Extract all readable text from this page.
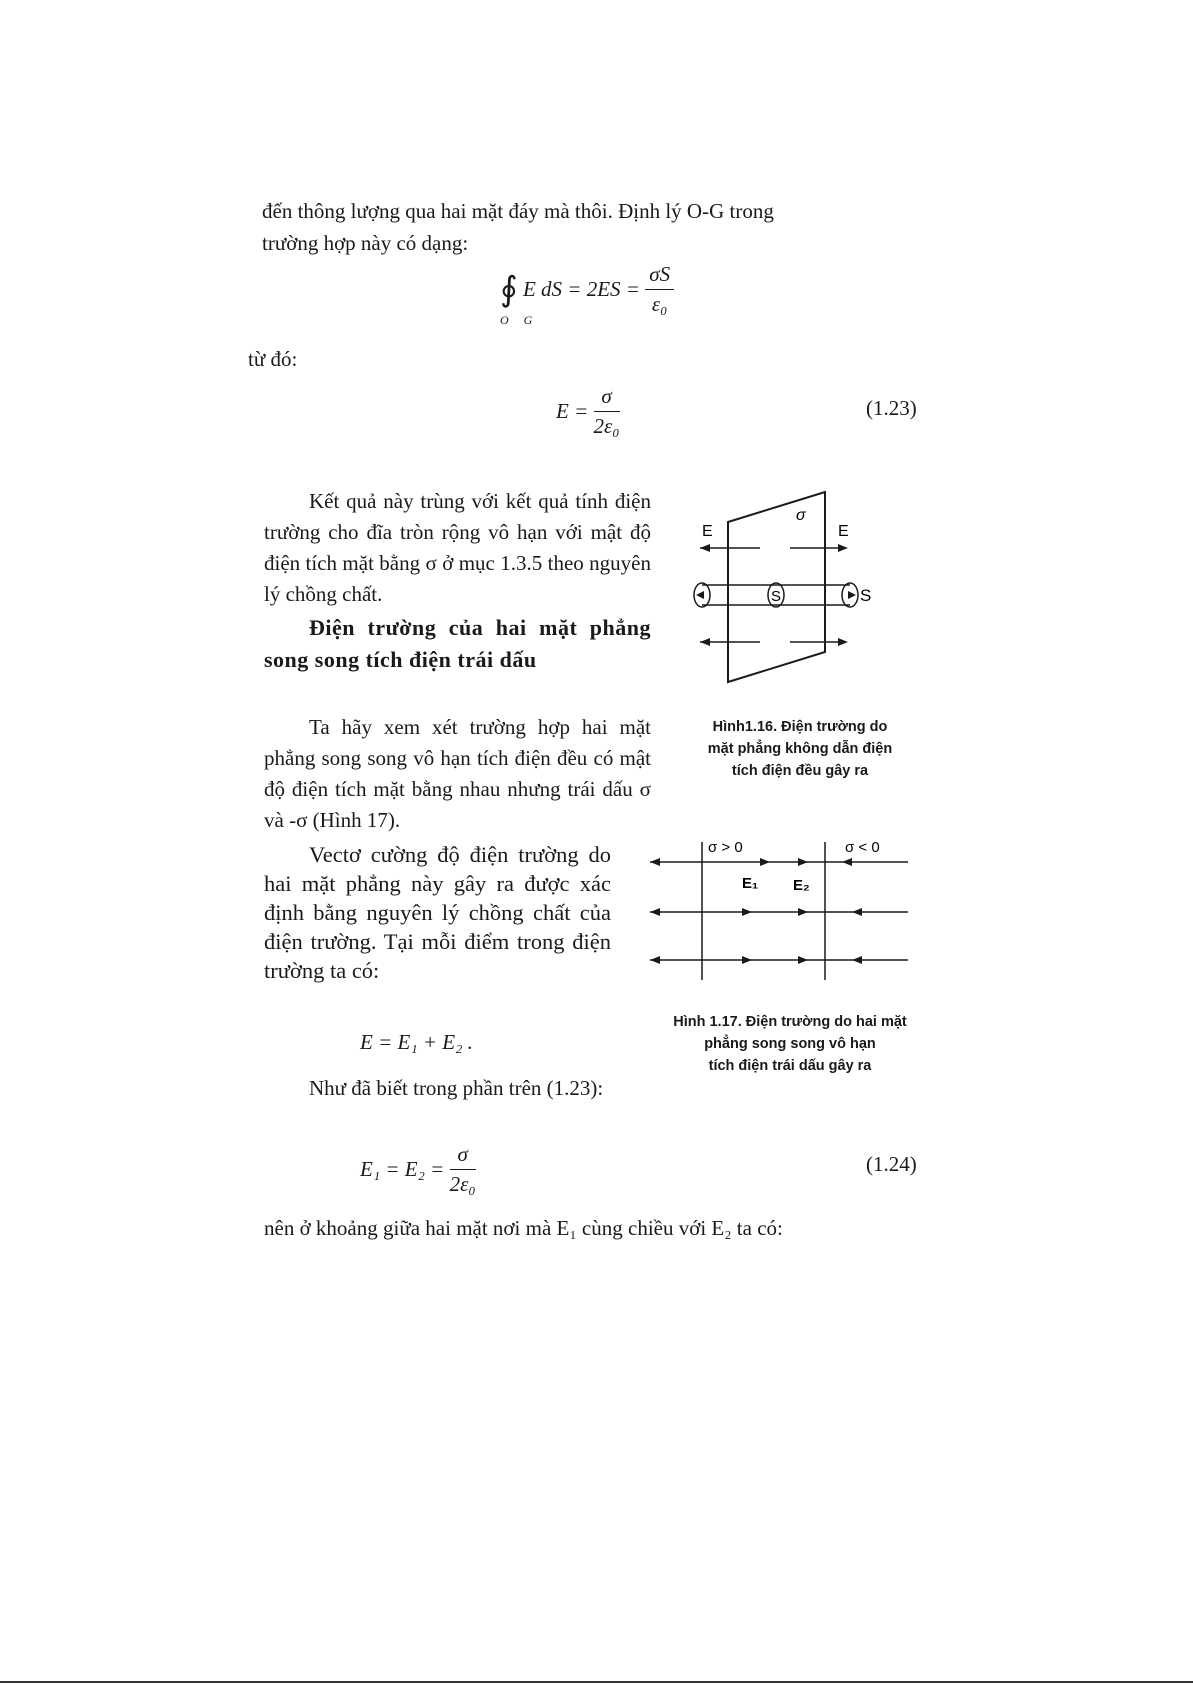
đến thông lượng qua hai mặt đáy mà thôi. Định lý O-G trong
trường hợp này có dạng:
∮ E dS = $2ES = \frac{\sigma S}{\text{ε₀}}$
O G
từ đó:
$E = \frac{\sigma}{\text{2ε₀}}$	(1.23)
Kết quả này trùng với kết quả tính điện trường cho đĩa tròn rộng vô hạn với mật độ điện tích mặt bằng σ ở mục 1.3.5 theo nguyên lý chồng chất.
Điện trường của hai mặt phẳng song song tích điện trái dấu
Ta hãy xem xét trường hợp hai mặt phẳng song song vô hạn tích điện đều có mật độ điện tích mặt bằng nhau nhưng trái dấu σ và -σ (Hình 17).
Vectơ cường độ điện trường do hai mặt phẳng này gây ra được xác định bằng nguyên lý chồng chất của điện trường. Tại mỗi điểm trong điện trường ta có:
E = E₁ + E₂ .
Như đã biết trong phần trên (1.23):
$E_1 = E_2 = \frac{\sigma}{\text{2ε₀}}$	(1.24)
nên ở khoảng giữa hai mặt nơi mà E₁ cùng chiều với E₂ ta có:
E	E
σ
S	S
Hình1.16. Điện trường do
mặt phẳng không dẫn điện
tích điện đều gây ra
σ > 0	σ < 0
E₁ E₂
Hình 1.17. Điện trường do hai mặt
phẳng song song vô hạn
tích điện trái dấu gây ra
